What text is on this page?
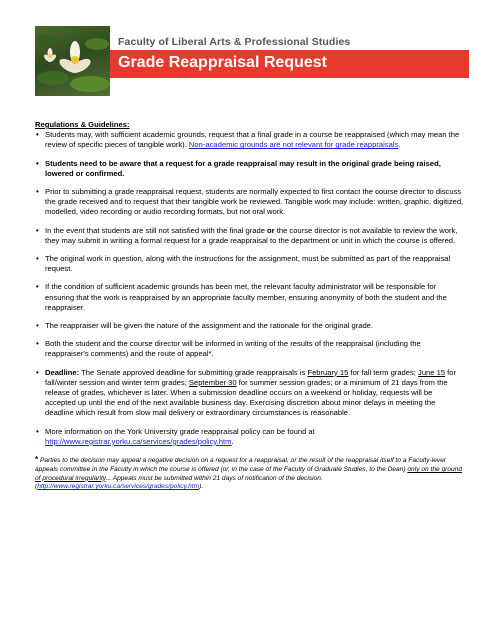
Faculty of Liberal Arts & Professional Studies
Grade Reappraisal Request

Regulations & Guidelines:

• Students may, with sufficient academic grounds, request that a final grade in a course be reappraised (which may mean the review of specific pieces of tangible work). Non-academic grounds are not relevant for grade reappraisals.
• Students need to be aware that a request for a grade reappraisal may result in the original grade being raised, lowered or confirmed.
• Prior to submitting a grade reappraisal request, students are normally expected to first contact the course director to discuss the grade received and to request that their tangible work be reviewed. Tangible work may include: written, graphic, digitized, modelled, video recording or audio recording formats, but not oral work.
• In the event that students are still not satisfied with the final grade or the course director is not available to review the work, they may submit in writing a formal request for a grade reappraisal to the department or unit in which the course is offered.
• The original work in question, along with the instructions for the assignment, must be submitted as part of the reappraisal request.
• If the condition of sufficient academic grounds has been met, the relevant faculty administrator will be responsible for ensuring that the work is reappraised by an appropriate faculty member, ensuring anonymity of both the student and the reappraiser.
• The reappraiser will be given the nature of the assignment and the rationale for the original grade.
• Both the student and the course director will be informed in writing of the results of the reappraisal (including the reappraiser's comments) and the route of appeal*.
• Deadline: The Senate approved deadline for submitting grade reappraisals is February 15 for fall term grades; June 15 for fall/winter session and winter term grades; September 30 for summer session grades; or a minimum of 21 days from the release of grades, whichever is later. When a submission deadline occurs on a weekend or holiday, requests will be accepted up until the end of the next available business day. Exercising discretion about minor delays in meeting the deadline which result from slow mail delivery or extraordinary circumstances is reasonable.
• More information on the York University grade reappraisal policy can be found at http://www.registrar.yorku.ca/services/grades/policy.htm.

* Parties to the decision may appeal a negative decision on a request for a reappraisal, or the result of the reappraisal itself to a Faculty-level appeals committee in the Faculty in which the course is offered (or, in the case of the Faculty of Graduate Studies, to the Dean) only on the ground of procedural irregularity... Appeals must be submitted within 21 days of notification of the decision. (http://www.registrar.yorku.ca/services/grades/policy.htm).
